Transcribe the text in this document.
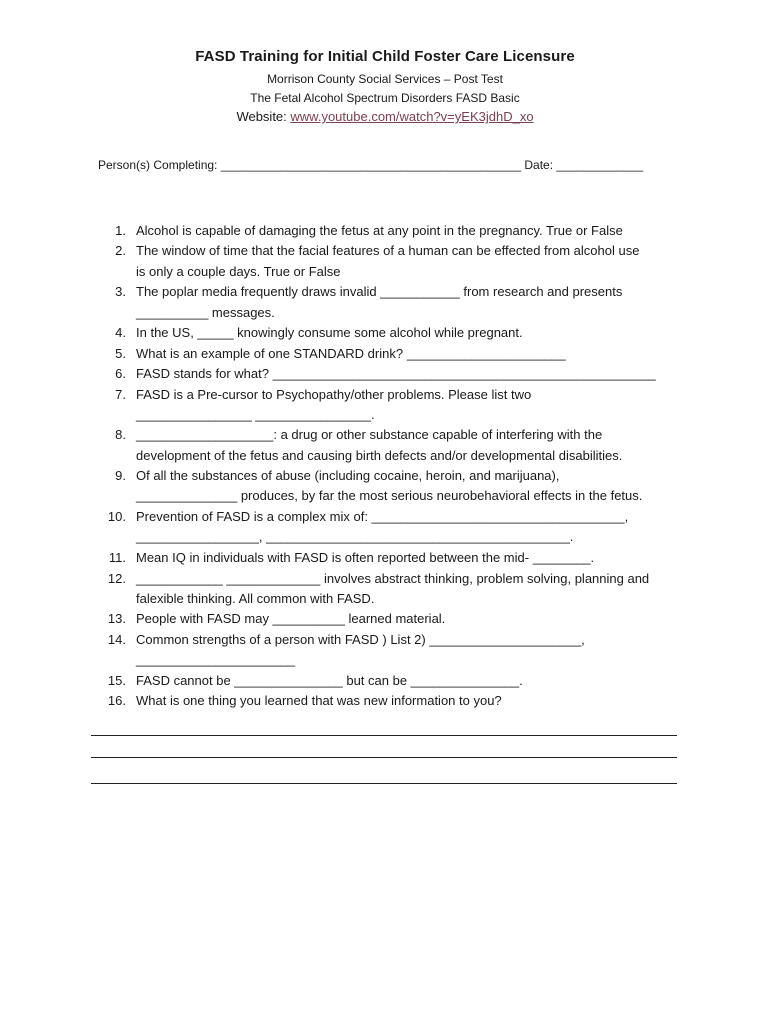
FASD Training for Initial Child Foster Care Licensure
Morrison County Social Services – Post Test
The Fetal Alcohol Spectrum Disorders FASD Basic
Website: www.youtube.com/watch?v=yEK3jdhD_xo
Person(s) Completing: _____________________________________________ Date: _____________
1. Alcohol is capable of damaging the fetus at any point in the pregnancy. True or False
2. The window of time that the facial features of a human can be effected from alcohol use
is only a couple days. True or False
3. The poplar media frequently draws invalid ___________ from research and presents
__________ messages.
4. In the US, _____ knowingly consume some alcohol while pregnant.
5. What is an example of one STANDARD drink? ______________________
6. FASD stands for what? _____________________________________________________
7. FASD is a Pre-cursor to Psychopathy/other problems. Please list two
________________ ________________.
8. ___________________: a drug or other substance capable of interfering with the
development of the fetus and causing birth defects and/or developmental disabilities.
9. Of all the substances of abuse (including cocaine, heroin, and marijuana),
______________ produces, by far the most serious neurobehavioral effects in the fetus.
10. Prevention of FASD is a complex mix of: ___________________________________,
_________________, __________________________________________.
11. Mean IQ in individuals with FASD is often reported between the mid- ________.
12. ____________ _____________ involves abstract thinking, problem solving, planning and
falexible thinking. All common with FASD.
13. People with FASD may __________ learned material.
14. Common strengths of a person with FASD ) List 2) _____________________,
______________________
15. FASD cannot be _______________ but can be _______________.
16. What is one thing you learned that was new information to you?
